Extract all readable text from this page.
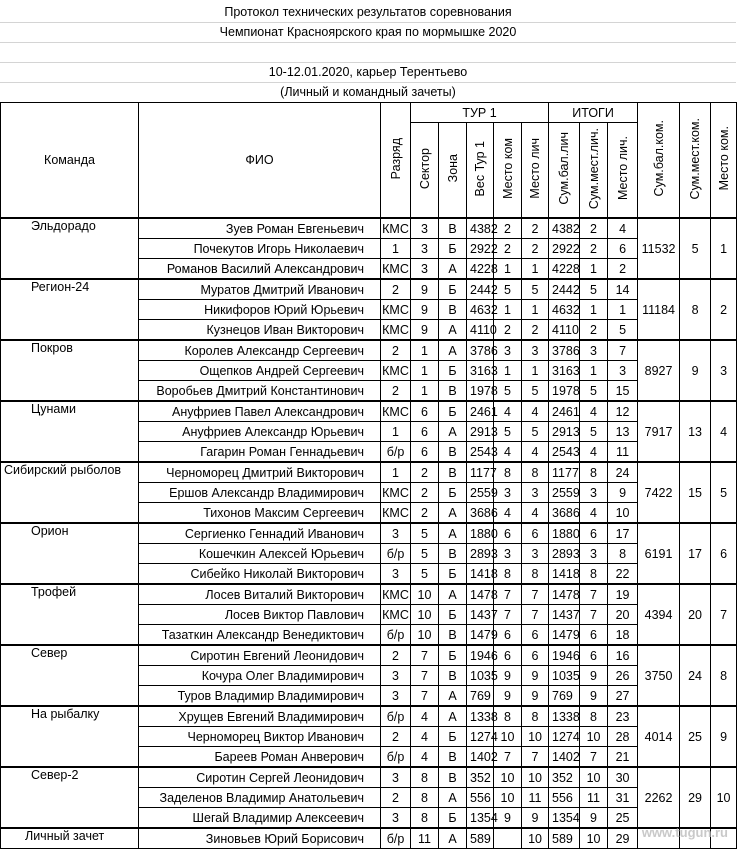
Протокол технических результатов соревнования
Чемпионат Красноярского края по мормышке 2020
10-12.01.2020, карьер Терентьево
(Личный и командный зачеты)
Команда	ФИО	Разряд	ТУР 1					ИТОГИ			Сум.бал.ком.	Сум.мест.ком.	Место ком.
			Сектор	Зона	Вес Тур 1	Место ком	Место лич	Сум.бал.лич	Сум.мест.лич.	Место лич.			

Эльдорадо	Зуев Роман Евгеньевич	КМС	3	В	4382	2	2	4382	2	4	11532	5	1
	Почекутов Игорь Николаевич	1	3	Б	2922	2	2	2922	2	6			
	Романов Василий Александрович	КМС	3	А	4228	1	1	4228	1	2			

Регион-24	Муратов Дмитрий Иванович	2	9	Б	2442	5	5	2442	5	14	11184	8	2
	Никифоров Юрий Юрьевич	КМС	9	В	4632	1	1	4632	1	1			
	Кузнецов Иван Викторович	КМС	9	А	4110	2	2	4110	2	5			

Покров	Королев Александр Сергеевич	2	1	А	3786	3	3	3786	3	7	8927	9	3
	Ощепков Андрей Сергеевич	КМС	1	Б	3163	1	1	3163	1	3			
	Воробьев Дмитрий Константинович	2	1	В	1978	5	5	1978	5	15			

Цунами	Ануфриев Павел Александрович	КМС	6	Б	2461	4	4	2461	4	12	7917	13	4
	Ануфриев Александр Юрьевич	1	6	А	2913	5	5	2913	5	13			
	Гагарин Роман Геннадьевич	б/р	6	В	2543	4	4	2543	4	11			
Сибирский рыболов	Черноморец Дмитрий Викторович	1	2	В	1177	8	8	1177	8	24	7422	15	5
	Ершов Александр Владимирович	КМС	2	Б	2559	3	3	2559	3	9			
	Тихонов Максим Сергеевич	КМС	2	А	3686	4	4	3686	4	10			

Орион	Сергиенко Геннадий Иванович	3	5	А	1880	6	6	1880	6	17	6191	17	6
	Кошечкин Алексей Юрьевич	б/р	5	В	2893	3	3	2893	3	8			
	Сибейко Николай Викторович	3	5	Б	1418	8	8	1418	8	22			

Трофей	Лосев Виталий Викторович	КМС	10	А	1478	7	7	1478	7	19	4394	20	7
	Лосев Виктор Павлович	КМС	10	Б	1437	7	7	1437	7	20			
	Тазаткин Александр Венедиктович	б/р	10	В	1479	6	6	1479	6	18			

Север	Сиротин Евгений Леонидович	2	7	Б	1946	6	6	1946	6	16	3750	24	8
	Кочура Олег Владимирович	3	7	В	1035	9	9	1035	9	26			
	Туров Владимир Владимирович	3	7	А	769	9	9	769	9	27			

На рыбалку	Хрущев Евгений Владимирович	б/р	4	А	1338	8	8	1338	8	23	4014	25	9
	Черноморец Виктор Иванович	2	4	Б	1274	10	10	1274	10	28			
	Бареев Роман Анверович	б/р	4	В	1402	7	7	1402	7	21			

Север-2	Сиротин Сергей Леонидович	3	8	В	352	10	10	352	10	30	2262	29	10
	Заделенов Владимир Анатольевич	2	8	А	556	10	11	556	11	31			
	Шегай Владимир Алексеевич	3	8	Б	1354	9	9	1354	9	25			
Личный зачет	Зиновьев Юрий Борисович	б/р	11	А	589		10	589	10	29			www.tugun.ru
